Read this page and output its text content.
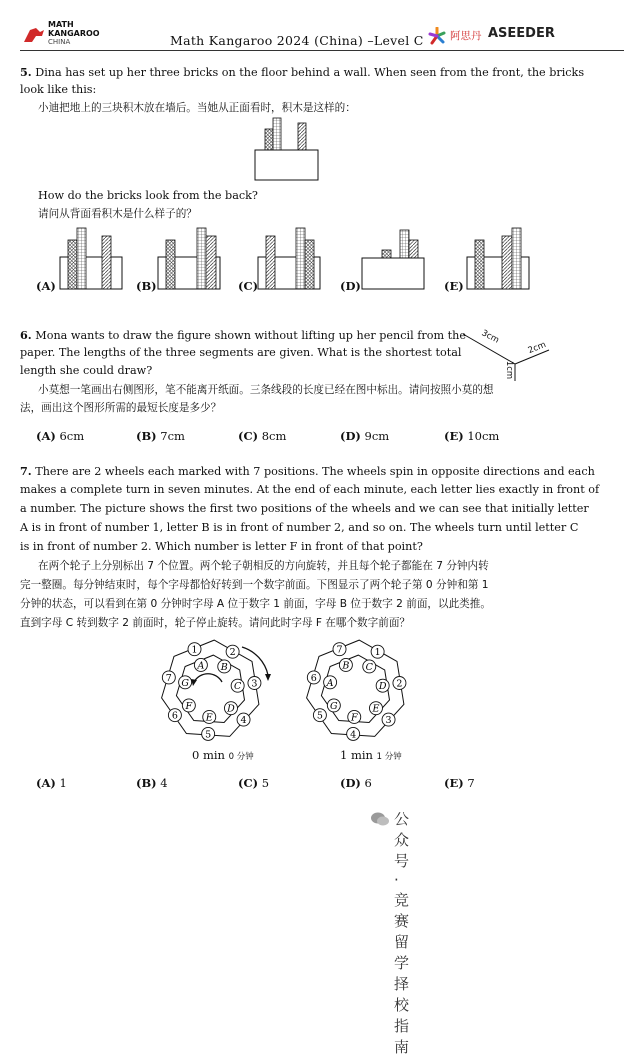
MATH
KANGAROO
CHINA	Math Kangaroo 2024 (China) –Level C	阿思丹 ASEEDER
5. Dina has set up her three bricks on the floor behind a wall. When seen from the front, the bricks
look like this:
小迪把地上的三块积木放在墙后。当她从正面看时，积木是这样的：
1
A
2
B
3
C
4
D
5
E
6
F
7 G
7
B
1
C
2
D
3
E
4
F
5
G
6 A
How do the bricks look from the back?
请问从背面看积木是什么样子的？
(A)	(B)	(C)	(D)	(E)
6. Mona wants to draw the figure shown without lifting up her pencil from the
paper. The lengths of the three segments are given. What is the shortest total
length she could draw?
小莫想一笔画出右侧图形，笔不能离开纸面。三条线段的长度已经在图中标出。请问按照小莫的想
法，画出这个图形所需的最短长度是多少？
3cm
2cm
1cm
(A) 6cm	(B) 7cm	(C) 8cm	(D) 9cm	(E) 10cm
7. There are 2 wheels each marked with 7 positions. The wheels spin in opposite directions and each
makes a complete turn in seven minutes. At the end of each minute, each letter lies exactly in front of
a number. The picture shows the first two positions of the wheels and we can see that initially letter
A is in front of number 1, letter B is in front of number 2, and so on. The wheels turn until letter C
is in front of number 2. Which number is letter F in front of that point?
在两个轮子上分别标出 7 个位置。两个轮子朝相反的方向旋转，并且每个轮子都能在 7 分钟内转
完一整圈。每分钟结束时，每个字母都恰好转到一个数字前面。下图显示了两个轮子第 0 分钟和第 1
分钟的状态，可以看到在第 0 分钟时字母 A 位于数字 1 前面，字母 B 位于数字 2 前面，以此类推。
直到字母 C 转到数字 2 前面时，轮子停止旋转。请问此时字母 F 在哪个数字前面？
0 min 0 分钟	1 min 1 分钟
(A) 1	(B) 4	(C) 5	(D) 6	(E) 7
公众号 · 竞赛留学择校指南
